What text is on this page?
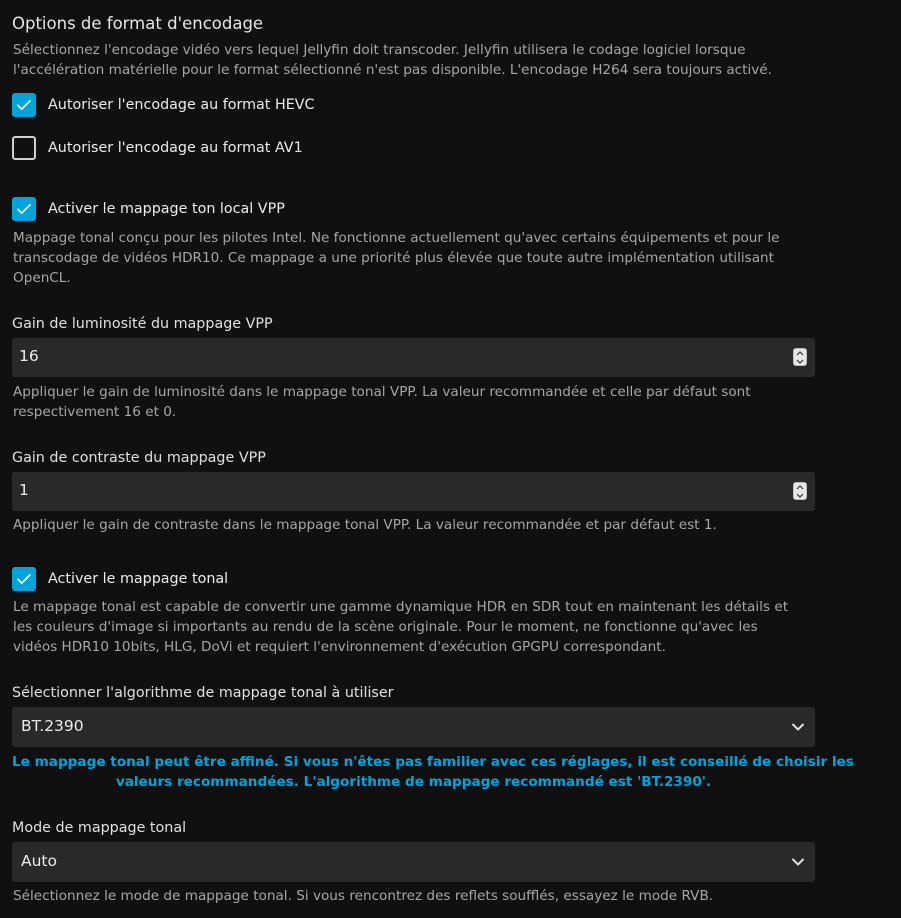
Options de format d'encodage

Sélectionnez l'encodage vidéo vers lequel Jellyfin doit transcoder. Jellyfin utilisera le codage logiciel lorsque

l'accélération matérielle pour le format sélectionné n'est pas disponible. L'encodage H264 sera toujours activé.

Autoriser l'encodage au format HEVC
Autoriser l'encodage au format AV1
Activer le mappage ton local VPP

Mappage tonal conçu pour les pilotes Intel. Ne fonctionne actuellement qu'avec certains équipements et pour le

transcodage de vidéos HDR10. Ce mappage a une priorité plus élevée que toute autre implémentation utilisant

OpenCL.

Gain de luminosité du mappage VPP
16

Appliquer le gain de luminosité dans le mappage tonal VPP. La valeur recommandée et celle par défaut sont

respectivement 16 et 0.

Gain de contraste du mappage VPP
1

Appliquer le gain de contraste dans le mappage tonal VPP. La valeur recommandée et par défaut est 1.

Activer le mappage tonal

Le mappage tonal est capable de convertir une gamme dynamique HDR en SDR tout en maintenant les détails et

les couleurs d'image si importants au rendu de la scène originale. Pour le moment, ne fonctionne qu'avec les

vidéos HDR10 10bits, HLG, DoVi et requiert l'environnement d'exécution GPGPU correspondant.

Sélectionner l'algorithme de mappage tonal à utiliser
BT.2390

Le mappage tonal peut être affiné. Si vous n'êtes pas familier avec ces réglages, il est conseillé de choisir les

valeurs recommandées. L'algorithme de mappage recommandé est 'BT.2390'.

Mode de mappage tonal
Auto

Sélectionnez le mode de mappage tonal. Si vous rencontrez des reflets soufflés, essayez le mode RVB.
